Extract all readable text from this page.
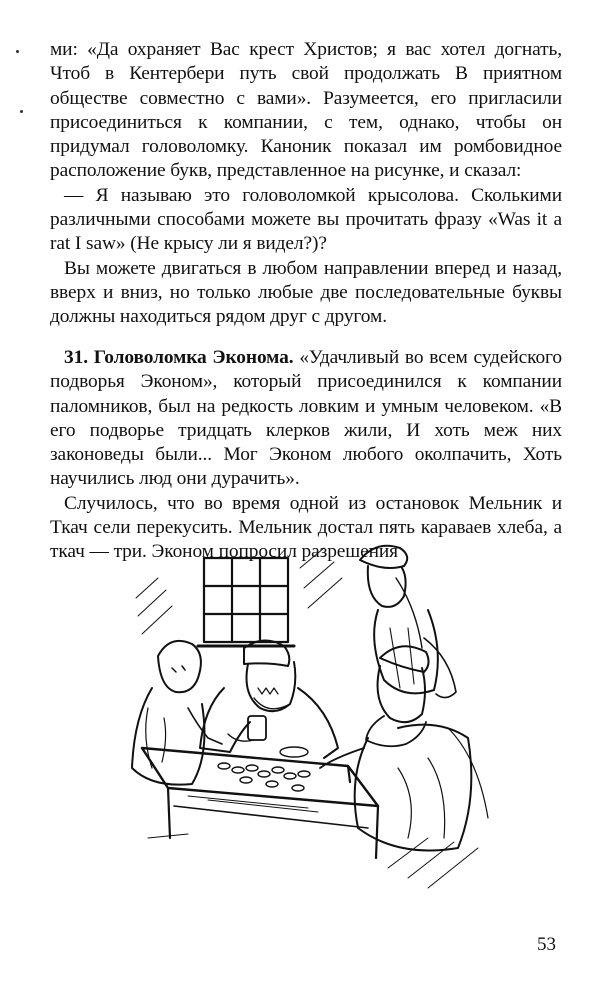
ми: «Да охраняет Вас крест Христов; я вас хотел догнать, Чтоб в Кентербери путь свой продолжать В приятном обществе совместно с вами». Разумеется, его пригласили присоединиться к компании, с тем, однако, чтобы он придумал головоломку. Каноник показал им ромбовидное расположение букв, представленное на рисунке, и сказал:

— Я называю это головоломкой крысолова. Сколькими различными способами можете вы прочитать фразу «Was it a rat I saw» (Не крысу ли я видел?)?

Вы можете двигаться в любом направлении вперед и назад, вверх и вниз, но только любые две последовательные буквы должны находиться рядом друг с другом.

31. Головоломка Эконома. «Удачливый во всем судейского подворья Эконом», который присоединился к компании паломников, был на редкость ловким и умным человеком. «В его подворье тридцать клерков жили, И хоть меж них законоведы были... Мог Эконом любого околпачить, Хоть научились люд они дурачить».

Случилось, что во время одной из остановок Мельник и Ткач сели перекусить. Мельник достал пять караваев хлеба, а ткач — три. Эконом попросил разрешения

53
